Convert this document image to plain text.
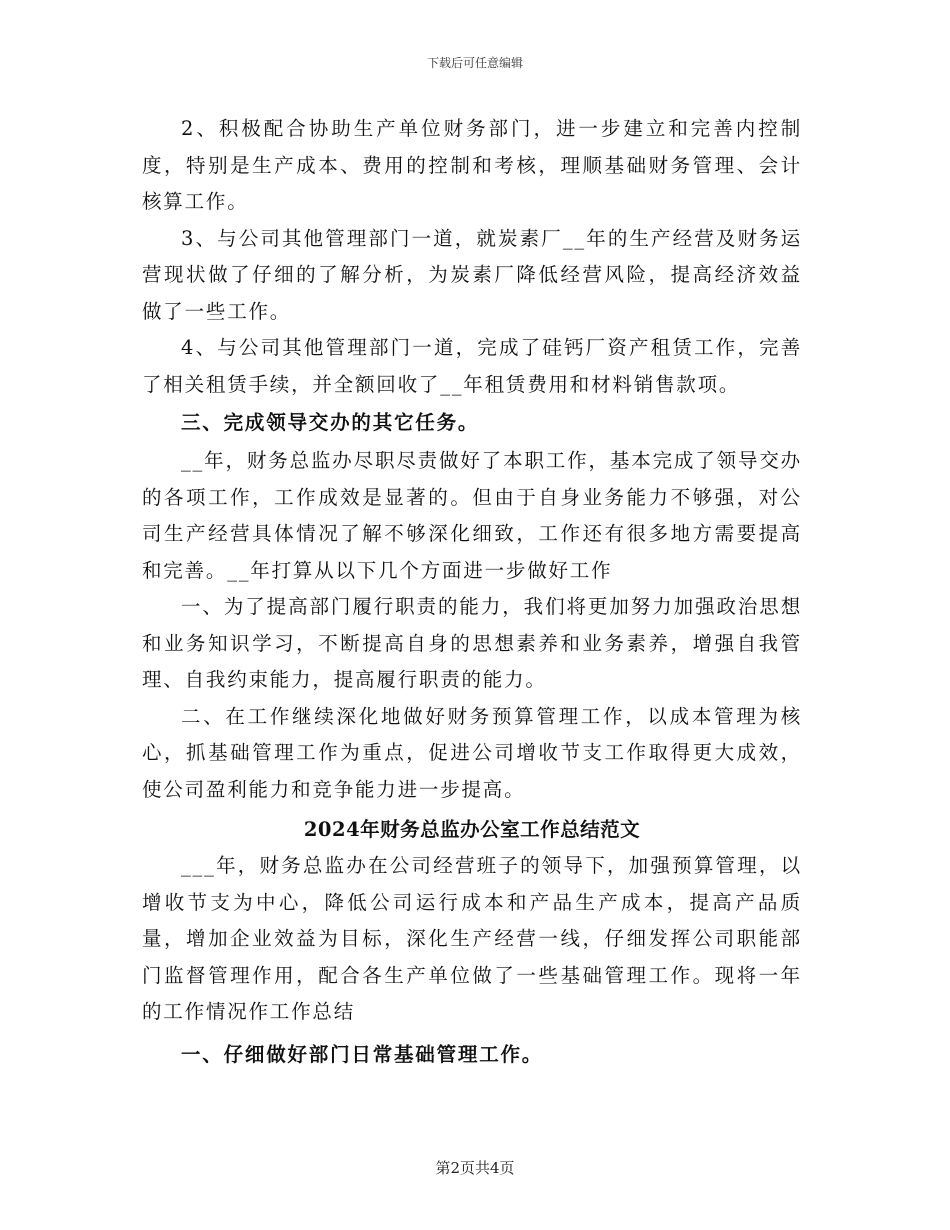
下载后可任意编辑

2、积极配合协助生产单位财务部门，进一步建立和完善内控制度，特别是生产成本、费用的控制和考核，理顺基础财务管理、会计核算工作。

3、与公司其他管理部门一道，就炭素厂__年的生产经营及财务运营现状做了仔细的了解分析，为炭素厂降低经营风险，提高经济效益做了一些工作。

4、与公司其他管理部门一道，完成了硅钙厂资产租赁工作，完善了相关租赁手续，并全额回收了__年租赁费用和材料销售款项。

三、完成领导交办的其它任务。

__年，财务总监办尽职尽责做好了本职工作，基本完成了领导交办的各项工作，工作成效是显著的。但由于自身业务能力不够强，对公司生产经营具体情况了解不够深化细致，工作还有很多地方需要提高和完善。__年打算从以下几个方面进一步做好工作

一、为了提高部门履行职责的能力，我们将更加努力加强政治思想和业务知识学习，不断提高自身的思想素养和业务素养，增强自我管理、自我约束能力，提高履行职责的能力。

二、在工作继续深化地做好财务预算管理工作，以成本管理为核心，抓基础管理工作为重点，促进公司增收节支工作取得更大成效，使公司盈利能力和竞争能力进一步提高。

2024年财务总监办公室工作总结范文

___年，财务总监办在公司经营班子的领导下，加强预算管理，以增收节支为中心，降低公司运行成本和产品生产成本，提高产品质量，增加企业效益为目标，深化生产经营一线，仔细发挥公司职能部门监督管理作用，配合各生产单位做了一些基础管理工作。现将一年的工作情况作工作总结

一、仔细做好部门日常基础管理工作。

第2页共4页
